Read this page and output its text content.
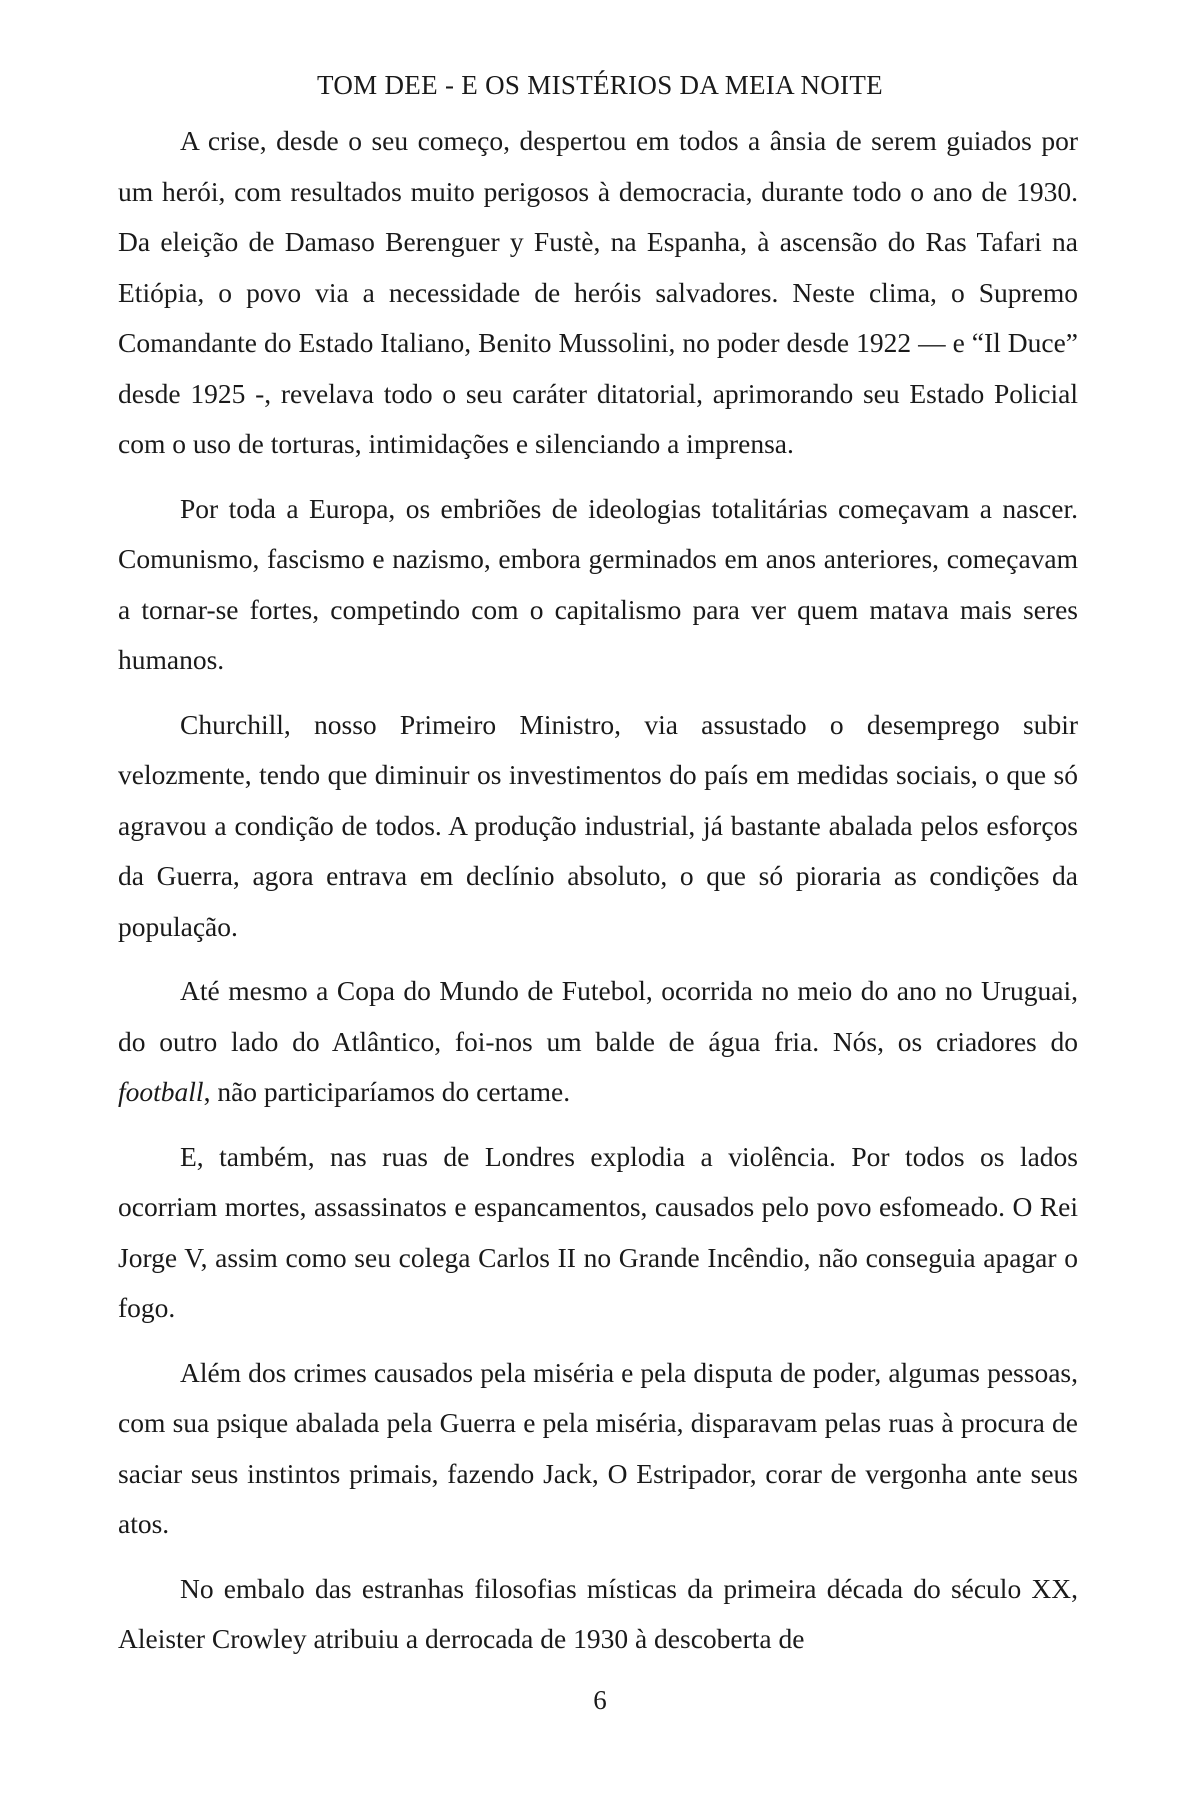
TOM DEE - E OS MISTÉRIOS DA MEIA NOITE

A crise, desde o seu começo, despertou em todos a ânsia de serem guiados por um herói, com resultados muito perigosos à democracia, durante todo o ano de 1930. Da eleição de Damaso Berenguer y Fustè, na Espanha, à ascensão do Ras Tafari na Etiópia, o povo via a necessidade de heróis salvadores. Neste clima, o Supremo Comandante do Estado Italiano, Benito Mussolini, no poder desde 1922 — e “Il Duce” desde 1925 -, revelava todo o seu caráter ditatorial, aprimorando seu Estado Policial com o uso de torturas, intimidações e silenciando a imprensa.

Por toda a Europa, os embriões de ideologias totalitárias começavam a nascer. Comunismo, fascismo e nazismo, embora germinados em anos anteriores, começavam a tornar-se fortes, competindo com o capitalismo para ver quem matava mais seres humanos.

Churchill, nosso Primeiro Ministro, via assustado o desemprego subir velozmente, tendo que diminuir os investimentos do país em medidas sociais, o que só agravou a condição de todos. A produção industrial, já bastante abalada pelos esforços da Guerra, agora entrava em declínio absoluto, o que só pioraria as condições da população.

Até mesmo a Copa do Mundo de Futebol, ocorrida no meio do ano no Uruguai, do outro lado do Atlântico, foi-nos um balde de água fria. Nós, os criadores do football, não participaríamos do certame.

E, também, nas ruas de Londres explodia a violência. Por todos os lados ocorriam mortes, assassinatos e espancamentos, causados pelo povo esfomeado. O Rei Jorge V, assim como seu colega Carlos II no Grande Incêndio, não conseguia apagar o fogo.

Além dos crimes causados pela miséria e pela disputa de poder, algumas pessoas, com sua psique abalada pela Guerra e pela miséria, disparavam pelas ruas à procura de saciar seus instintos primais, fazendo Jack, O Estripador, corar de vergonha ante seus atos.

No embalo das estranhas filosofias místicas da primeira década do século XX, Aleister Crowley atribuiu a derrocada de 1930 à descoberta de

6
